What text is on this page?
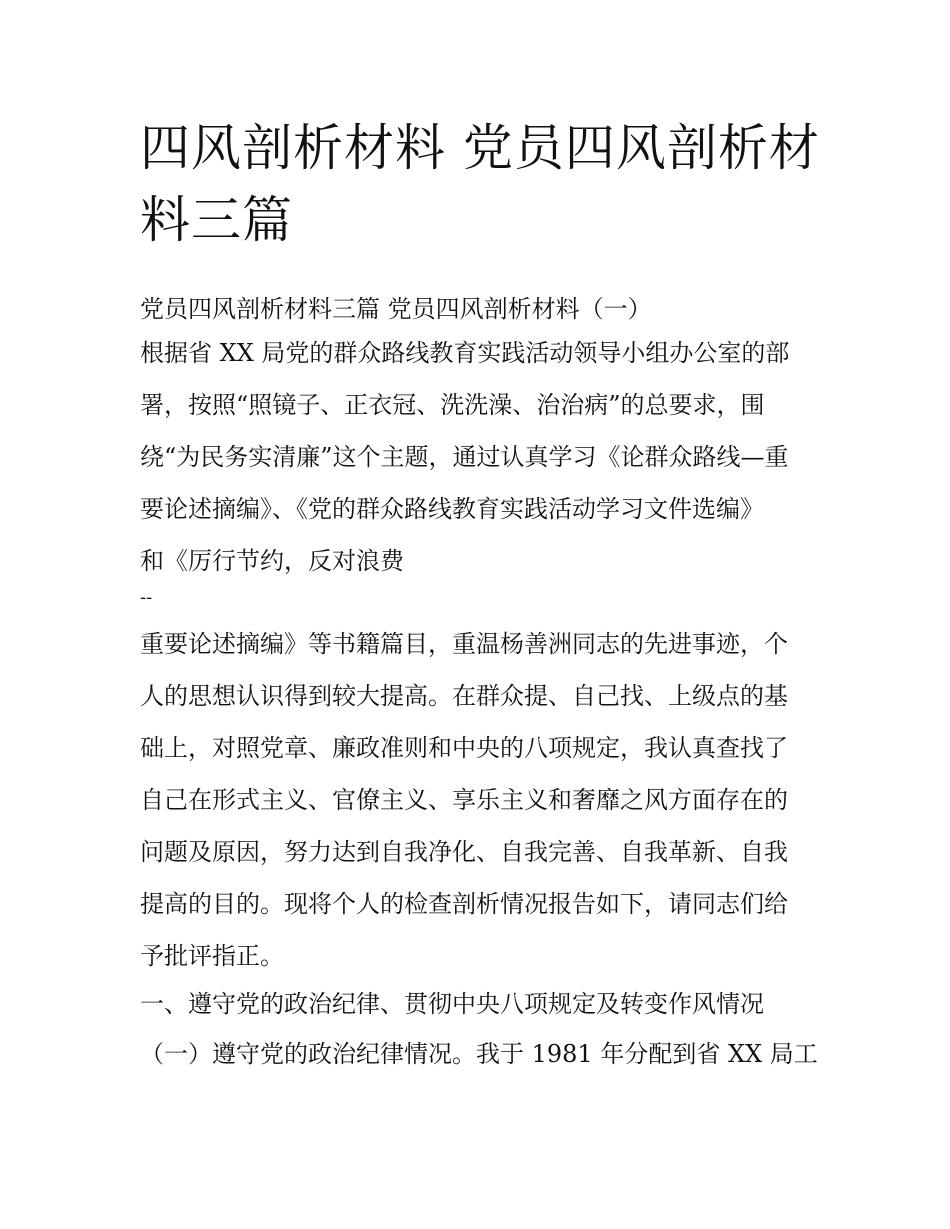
四风剖析材料 党员四风剖析材
料三篇

党员四风剖析材料三篇 党员四风剖析材料（一）

根据省 XX 局党的群众路线教育实践活动领导小组办公室的部
署，按照“照镜子、正衣冠、洗洗澡、治治病”的总要求，围
绕“为民务实清廉”这个主题，通过认真学习《论群众路线—重
要论述摘编》、《党的群众路线教育实践活动学习文件选编》
和《厉行节约，反对浪费

--

重要论述摘编》等书籍篇目，重温杨善洲同志的先进事迹，个
人的思想认识得到较大提高。在群众提、自己找、上级点的基
础上，对照党章、廉政准则和中央的八项规定，我认真查找了
自己在形式主义、官僚主义、享乐主义和奢靡之风方面存在的
问题及原因，努力达到自我净化、自我完善、自我革新、自我
提高的目的。现将个人的检查剖析情况报告如下，请同志们给
予批评指正。

一、遵守党的政治纪律、贯彻中央八项规定及转变作风情况

（一）遵守党的政治纪律情况。我于 1981 年分配到省 XX 局工
